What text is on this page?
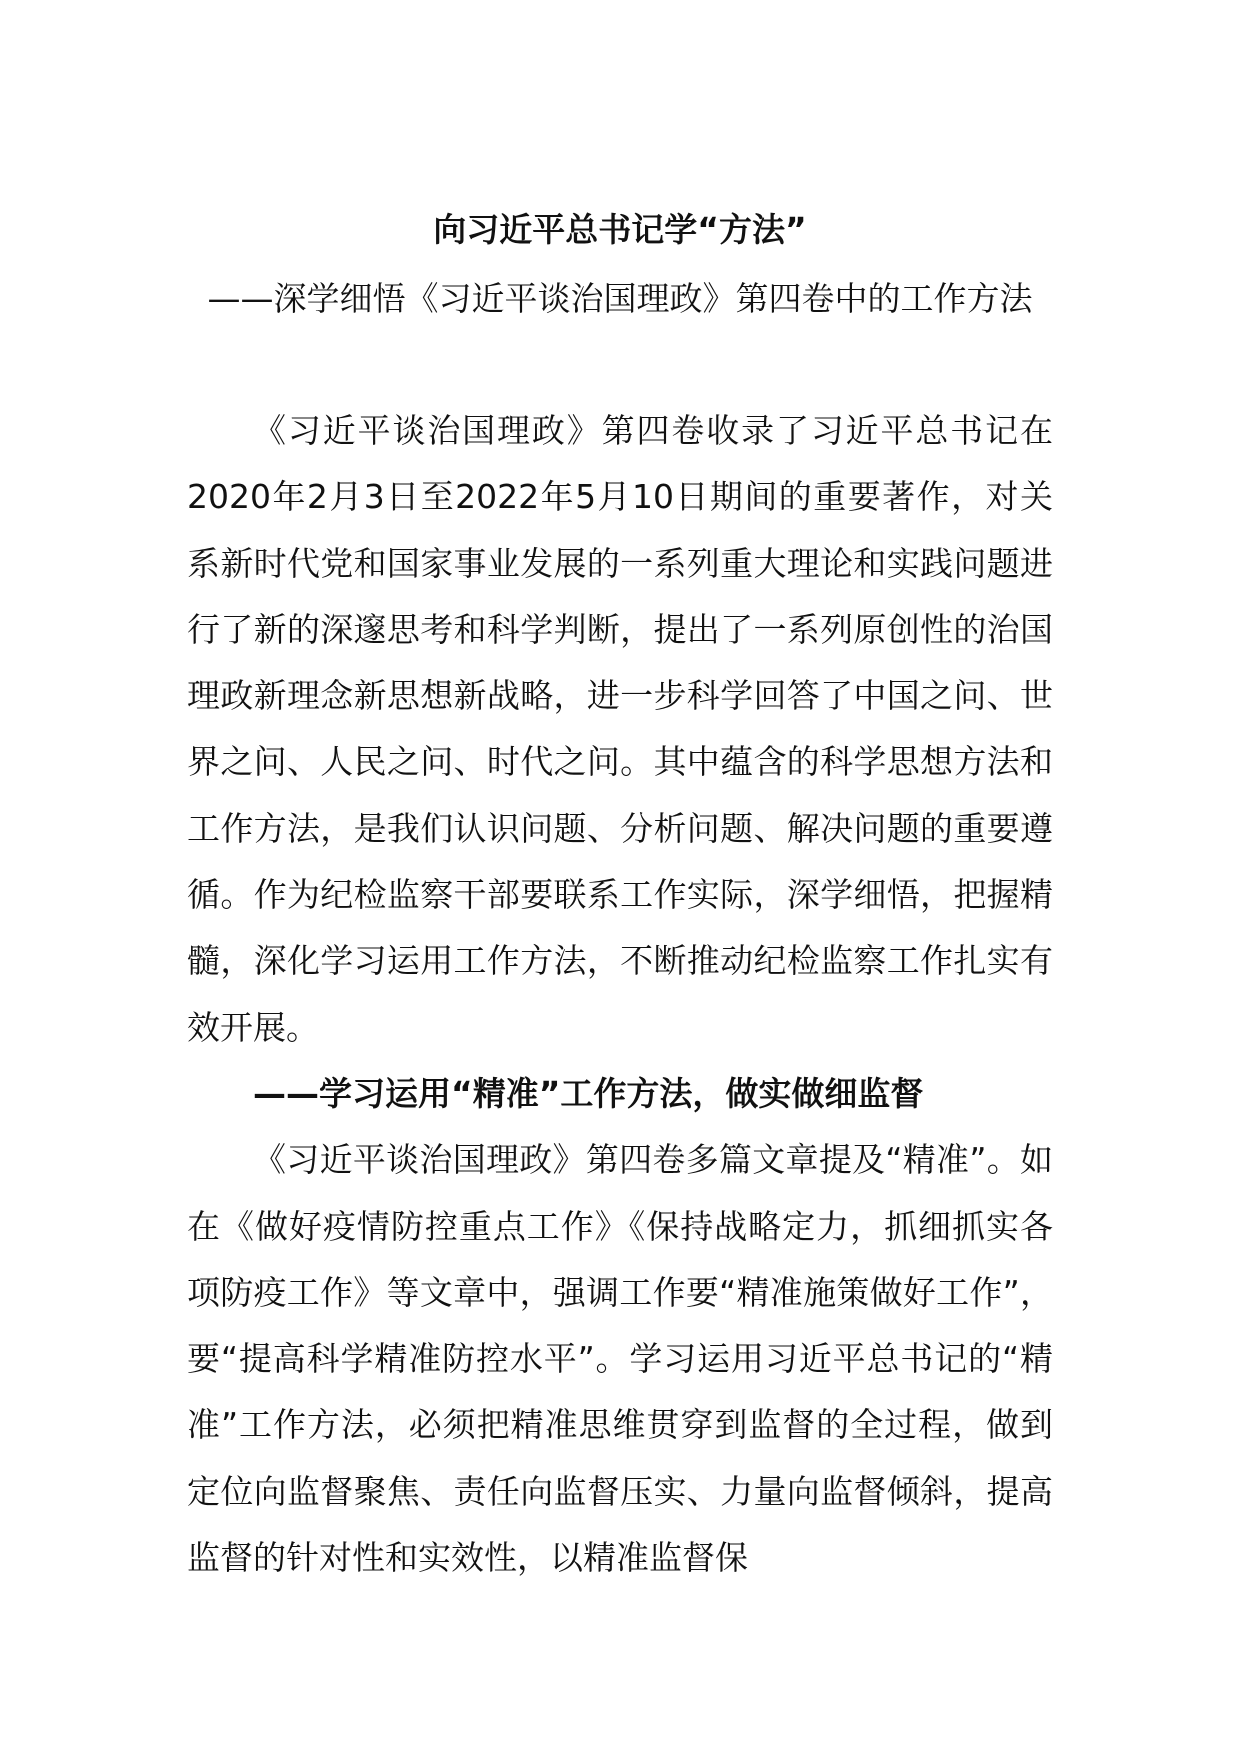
向习近平总书记学“方法”
——深学细悟《习近平谈治国理政》第四卷中的工作方法

《习近平谈治国理政》第四卷收录了习近平总书记在2020年2月3日至2022年5月10日期间的重要著作，对关系新时代党和国家事业发展的一系列重大理论和实践问题进行了新的深邃思考和科学判断，提出了一系列原创性的治国理政新理念新思想新战略，进一步科学回答了中国之问、世界之问、人民之问、时代之问。其中蕴含的科学思想方法和工作方法，是我们认识问题、分析问题、解决问题的重要遵循。作为纪检监察干部要联系工作实际，深学细悟，把握精髓，深化学习运用工作方法，不断推动纪检监察工作扎实有效开展。

——学习运用“精准”工作方法，做实做细监督

《习近平谈治国理政》第四卷多篇文章提及“精准”。如在《做好疫情防控重点工作》《保持战略定力，抓细抓实各项防疫工作》等文章中，强调工作要“精准施策做好工作”，要“提高科学精准防控水平”。学习运用习近平总书记的“精准”工作方法，必须把精准思维贯穿到监督的全过程，做到定位向监督聚焦、责任向监督压实、力量向监督倾斜，提高监督的针对性和实效性，以精准监督保
